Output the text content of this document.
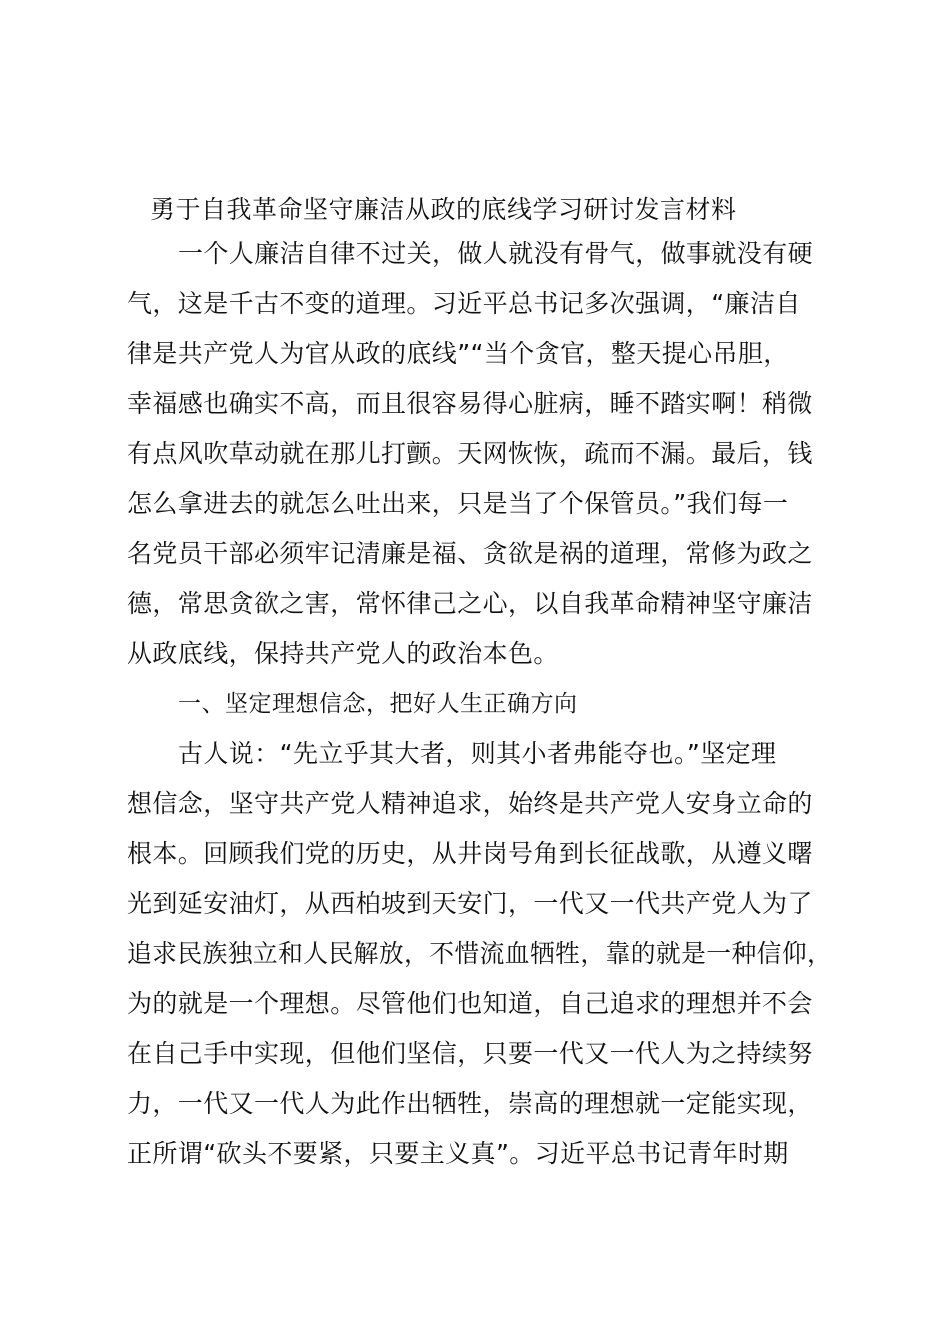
勇于自我革命坚守廉洁从政的底线学习研讨发言材料
一个人廉洁自律不过关，做人就没有骨气，做事就没有硬
气，这是千古不变的道理。习近平总书记多次强调，“廉洁自
律是共产党人为官从政的底线”“当个贪官，整天提心吊胆，
幸福感也确实不高，而且很容易得心脏病，睡不踏实啊！稍微
有点风吹草动就在那儿打颤。天网恢恢，疏而不漏。最后，钱
怎么拿进去的就怎么吐出来，只是当了个保管员。”我们每一
名党员干部必须牢记清廉是福、贪欲是祸的道理，常修为政之
德，常思贪欲之害，常怀律己之心，以自我革命精神坚守廉洁
从政底线，保持共产党人的政治本色。
一、坚定理想信念，把好人生正确方向
古人说：“先立乎其大者，则其小者弗能夺也。”坚定理
想信念，坚守共产党人精神追求，始终是共产党人安身立命的
根本。回顾我们党的历史，从井岗号角到长征战歌，从遵义曙
光到延安油灯，从西柏坡到天安门，一代又一代共产党人为了
追求民族独立和人民解放，不惜流血牺牲，靠的就是一种信仰，
为的就是一个理想。尽管他们也知道，自己追求的理想并不会
在自己手中实现，但他们坚信，只要一代又一代人为之持续努
力，一代又一代人为此作出牺牲，崇高的理想就一定能实现，
正所谓“砍头不要紧，只要主义真”。习近平总书记青年时期
